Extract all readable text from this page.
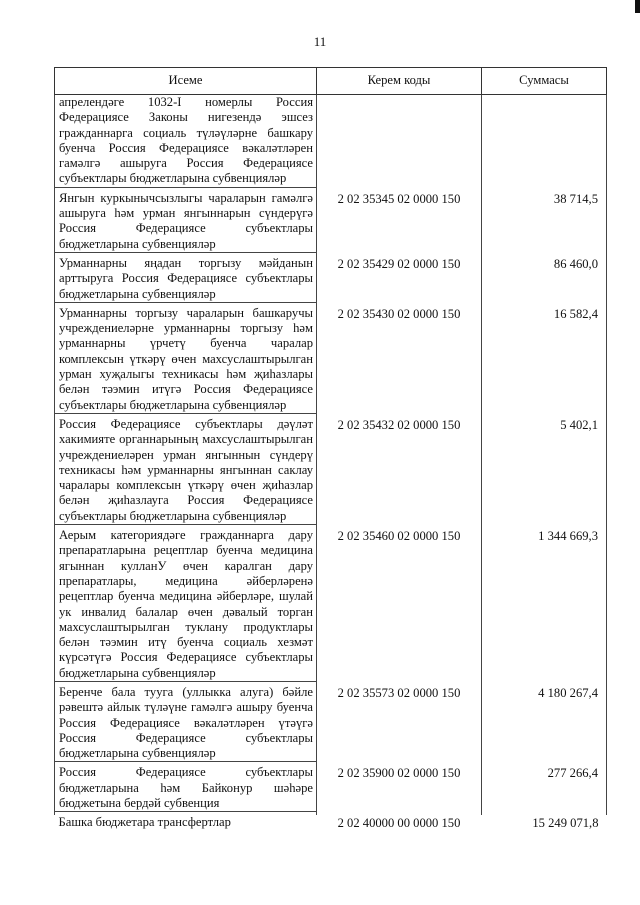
11
Исеме	Керем коды	Суммасы
апрелендәге 1032-I номерлы Россия Федерациясе Законы нигезендә эшсез гражданнарга социаль түләүләрне башкару буенча Россия Федерациясе вәкаләтләрен гамәлгә ашыруга Россия Федерациясе субъектлары бюджетларына субвенцияләр		

Янгын куркынычсызлыгы чараларын гамәлгә ашыруга һәм урман янгыннарын сүндерүгә Россия Федерациясе субъектлары бюджетларына субвенцияләр	2 02 35345 02 0000 150	38 714,5

Урманнарны яңадан торгызу мәйданын арттыруга Россия Федерациясе субъектлары бюджетларына субвенцияләр	2 02 35429 02 0000 150	86 460,0

Урманнарны торгызу чараларын башкаручы учреждениеләрне урманнарны торгызу һәм урманнарны үрчетү буенча чаралар комплексын үткәрү өчен махсуслаштырылган урман хуҗалыгы техникасы һәм җиһазлары белән тәэмин итүгә Россия Федерациясе субъектлары бюджетларына субвенцияләр	2 02 35430 02 0000 150	16 582,4

Россия Федерациясе субъектлары дәүләт хакимияте органнарының махсуслаштырылган учреждениеләрен урман янгыннын сүндерү техникасы һәм урманнарны янгыннан саклау чаралары комплексын үткәрү өчен җиһазлар белән җиһазлауга Россия Федерациясе субъектлары бюджетларына субвенцияләр	2 02 35432 02 0000 150	5 402,1

Аерым категориядәге гражданнарга дару препаратларына рецептлар буенча медицина ягыннан кулланУ өчен каралган дару препаратлары, медицина әйберләренә рецептлар буенча медицина әйберләре, шулай ук инвалид балалар өчен дәвалый торган махсуслаштырылган туклану продуктлары белән тәэмин итү буенча социаль хезмәт күрсәтүгә Россия Федерациясе субъектлары бюджетларына субвенцияләр	2 02 35460 02 0000 150	1 344 669,3

Беренче бала тууга (уллыкка алуга) бәйле рәвештә айлык түләүне гамәлгә ашыру буенча Россия Федерациясе вәкаләтләрен үтәүгә Россия Федерациясе субъектлары бюджетларына субвенцияләр	2 02 35573 02 0000 150	4 180 267,4

Россия Федерациясе субъектлары бюджетларына һәм Байконур шәһәре бюджетына бердәй субвенция	2 02 35900 02 0000 150	277 266,4

Башка бюджетара трансфертлар	2 02 40000 00 0000 150	15 249 071,8
